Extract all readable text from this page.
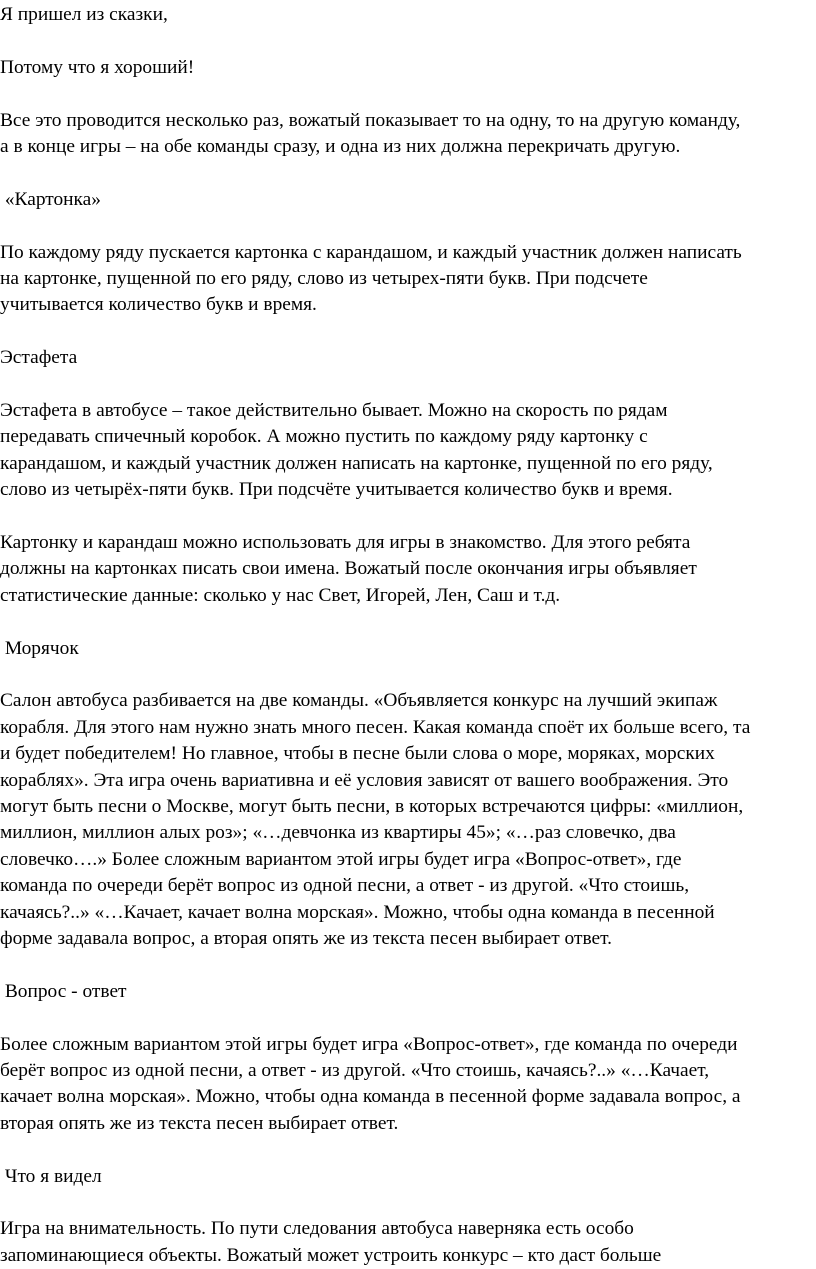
Я пришел из сказки,
Потому что я хороший!
Все это проводится несколько раз, вожатый показывает то на одну, то на другую команду,
а в конце игры – на обе команды сразу, и одна из них должна перекричать другую.
«Картонка»
По каждому ряду пускается картонка с карандашом, и каждый участник должен написать
на картонке, пущенной по его ряду, слово из четырех-пяти букв. При подсчете
учитывается количество букв и время.
Эстафета
Эстафета в автобусе – такое действительно бывает. Можно на скорость по рядам
передавать спичечный коробок. А можно пустить по каждому ряду картонку с
карандашом, и каждый участник должен написать на картонке, пущенной по его ряду,
слово из четырёх-пяти букв. При подсчёте учитывается количество букв и время.
Картонку и карандаш можно использовать для игры в знакомство. Для этого ребята
должны на картонках писать свои имена. Вожатый после окончания игры объявляет
статистические данные: сколько у нас Свет, Игорей, Лен, Саш и т.д.
Морячок
Салон автобуса разбивается на две команды. «Объявляется конкурс на лучший экипаж
корабля. Для этого нам нужно знать много песен. Какая команда споёт их больше всего, та
и будет победителем! Но главное, чтобы в песне были слова о море, моряках, морских
кораблях». Эта игра очень вариативна и её условия зависят от вашего воображения. Это
могут быть песни о Москве, могут быть песни, в которых встречаются цифры: «миллион,
миллион, миллион алых роз»; «…девчонка из квартиры 45»; «…раз словечко, два
словечко….» Более сложным вариантом этой игры будет игра «Вопрос-ответ», где
команда по очереди берёт вопрос из одной песни, а ответ - из другой. «Что стоишь,
качаясь?..» «…Качает, качает волна морская». Можно, чтобы одна команда в песенной
форме задавала вопрос, а вторая опять же из текста песен выбирает ответ.
Вопрос - ответ
Более сложным вариантом этой игры будет игра «Вопрос-ответ», где команда по очереди
берёт вопрос из одной песни, а ответ - из другой. «Что стоишь, качаясь?..» «…Качает,
качает волна морская». Можно, чтобы одна команда в песенной форме задавала вопрос, а
вторая опять же из текста песен выбирает ответ.
Что я видел
Игра на внимательность. По пути следования автобуса наверняка есть особо
запоминающиеся объекты. Вожатый может устроить конкурс – кто даст больше
